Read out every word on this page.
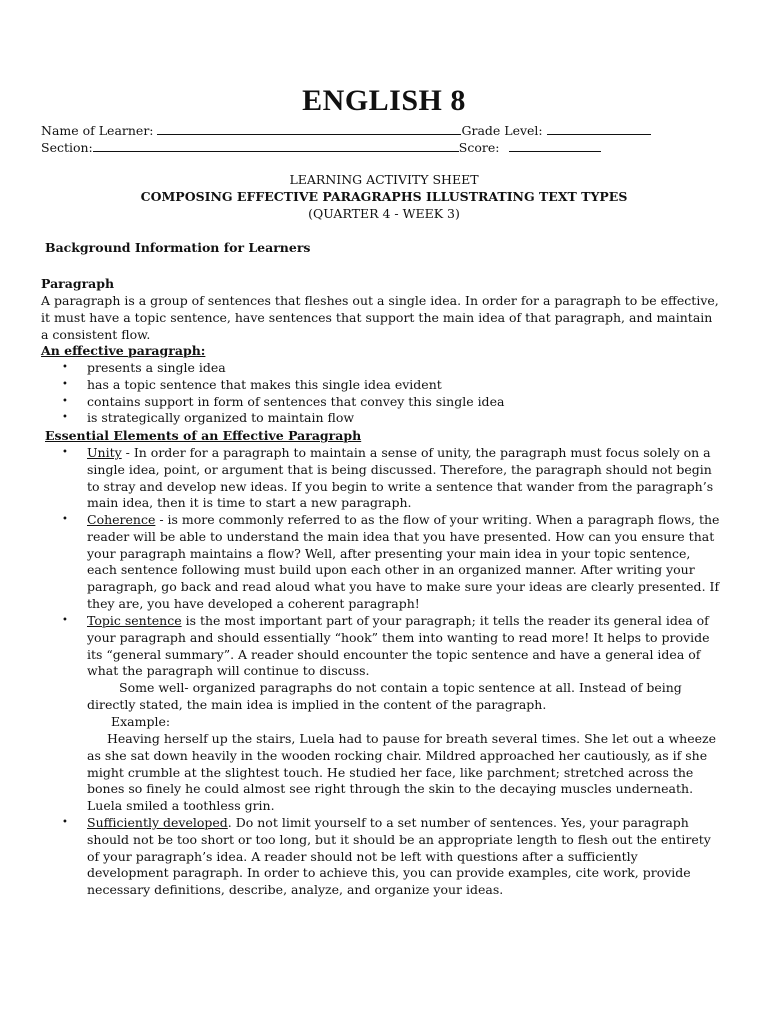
ENGLISH 8
Name of Learner:	Grade Level:
Section:	Score:
LEARNING ACTIVITY SHEET
COMPOSING EFFECTIVE PARAGRAPHS ILLUSTRATING TEXT TYPES
(QUARTER 4 - WEEK 3)
Background Information for Learners
Paragraph
A paragraph is a group of sentences that fleshes out a single idea. In order for a paragraph to be effective, it must have a topic sentence, have sentences that support the main idea of that paragraph, and maintain a consistent flow.
An effective paragraph:
• presents a single idea
• has a topic sentence that makes this single idea evident
• contains support in form of sentences that convey this single idea
• is strategically organized to maintain flow
Essential Elements of an Effective Paragraph
• Unity - In order for a paragraph to maintain a sense of unity, the paragraph must focus solely on a single idea, point, or argument that is being discussed. Therefore, the paragraph should not begin to stray and develop new ideas. If you begin to write a sentence that wander from the paragraph’s main idea, then it is time to start a new paragraph.
• Coherence - is more commonly referred to as the flow of your writing. When a paragraph flows, the reader will be able to understand the main idea that you have presented. How can you ensure that your paragraph maintains a flow? Well, after presenting your main idea in your topic sentence, each sentence following must build upon each other in an organized manner. After writing your paragraph, go back and read aloud what you have to make sure your ideas are clearly presented. If they are, you have developed a coherent paragraph!
• Topic sentence is the most important part of your paragraph; it tells the reader its general idea of your paragraph and should essentially “hook” them into wanting to read more! It helps to provide its “general summary”. A reader should encounter the topic sentence and have a general idea of what the paragraph will continue to discuss.
Some well- organized paragraphs do not contain a topic sentence at all. Instead of being directly stated, the main idea is implied in the content of the paragraph.
Example:
Heaving herself up the stairs, Luela had to pause for breath several times. She let out a wheeze as she sat down heavily in the wooden rocking chair. Mildred approached her cautiously, as if she might crumble at the slightest touch. He studied her face, like parchment; stretched across the bones so finely he could almost see right through the skin to the decaying muscles underneath. Luela smiled a toothless grin.
• Sufficiently developed. Do not limit yourself to a set number of sentences. Yes, your paragraph should not be too short or too long, but it should be an appropriate length to flesh out the entirety of your paragraph’s idea. A reader should not be left with questions after a sufficiently development paragraph. In order to achieve this, you can provide examples, cite work, provide necessary definitions, describe, analyze, and organize your ideas.
